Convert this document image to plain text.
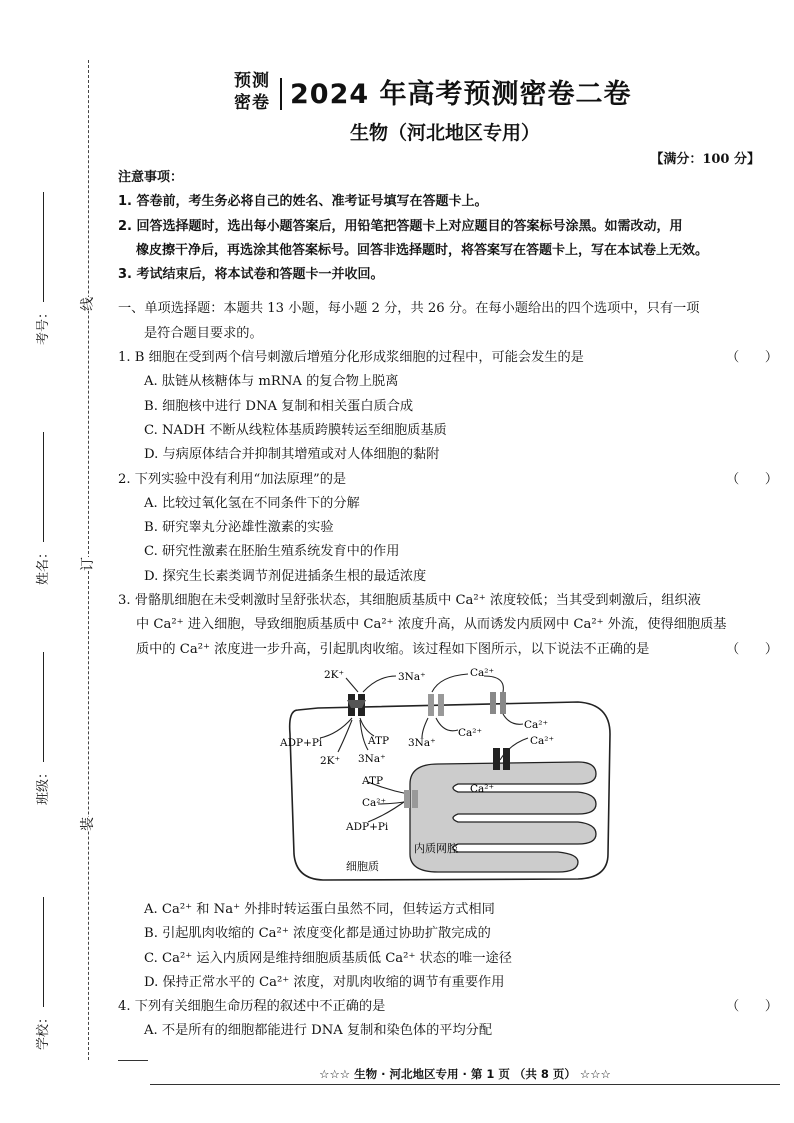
线
订
装
考号：
姓名：
班级：
学校：
预测
密卷 2024 年高考预测密卷二卷
生物（河北地区专用）
【满分：100 分】

注意事项：

1. 答卷前，考生务必将自己的姓名、准考证号填写在答题卡上。

2. 回答选择题时，选出每小题答案后，用铅笔把答题卡上对应题目的答案标号涂黑。如需改动，用

橡皮擦干净后，再选涂其他答案标号。回答非选择题时，将答案写在答题卡上，写在本试卷上无效。

3. 考试结束后，将本试卷和答题卡一并收回。

一、单项选择题：本题共 13 小题，每小题 2 分，共 26 分。在每小题给出的四个选项中，只有一项

是符合题目要求的。

1. B 细胞在受到两个信号刺激后增殖分化形成浆细胞的过程中，可能会发生的是	（ ）

A. 肽链从核糖体与 mRNA 的复合物上脱离

B. 细胞核中进行 DNA 复制和相关蛋白质合成

C. NADH 不断从线粒体基质跨膜转运至细胞质基质

D. 与病原体结合并抑制其增殖或对人体细胞的黏附

2. 下列实验中没有利用“加法原理”的是	（ ）

A. 比较过氧化氢在不同条件下的分解

B. 研究睾丸分泌雄性激素的实验

C. 研究性激素在胚胎生殖系统发育中的作用

D. 探究生长素类调节剂促进插条生根的最适浓度

3. 骨骼肌细胞在未受刺激时呈舒张状态，其细胞质基质中 Ca²⁺ 浓度较低；当其受到刺激后，组织液

中 Ca²⁺ 进入细胞，导致细胞质基质中 Ca²⁺ 浓度升高，从而诱发内质网中 Ca²⁺ 外流，使得细胞质基

质中的 Ca²⁺ 浓度进一步升高，引起肌肉收缩。该过程如下图所示，以下说法不正确的是	（ ）
2K⁺	3Na⁺	Ca²⁺
Ca²⁺
Ca²⁺
ADP+Pi	ATP 3Na⁺
2K⁺ 3Na⁺
Ca²⁺
ATP
Ca²⁺
Ca²⁺
ADP+Pi
细胞质
内质网腔

A. Ca²⁺ 和 Na⁺ 外排时转运蛋白虽然不同，但转运方式相同

B. 引起肌肉收缩的 Ca²⁺ 浓度变化都是通过协助扩散完成的

C. Ca²⁺ 运入内质网是维持细胞质基质低 Ca²⁺ 状态的唯一途径

D. 保持正常水平的 Ca²⁺ 浓度，对肌肉收缩的调节有重要作用

4. 下列有关细胞生命历程的叙述中不正确的是	（ ）

A. 不是所有的细胞都能进行 DNA 复制和染色体的平均分配

☆☆☆ 生物 · 河北地区专用 · 第 1 页 （共 8 页） ☆☆☆
